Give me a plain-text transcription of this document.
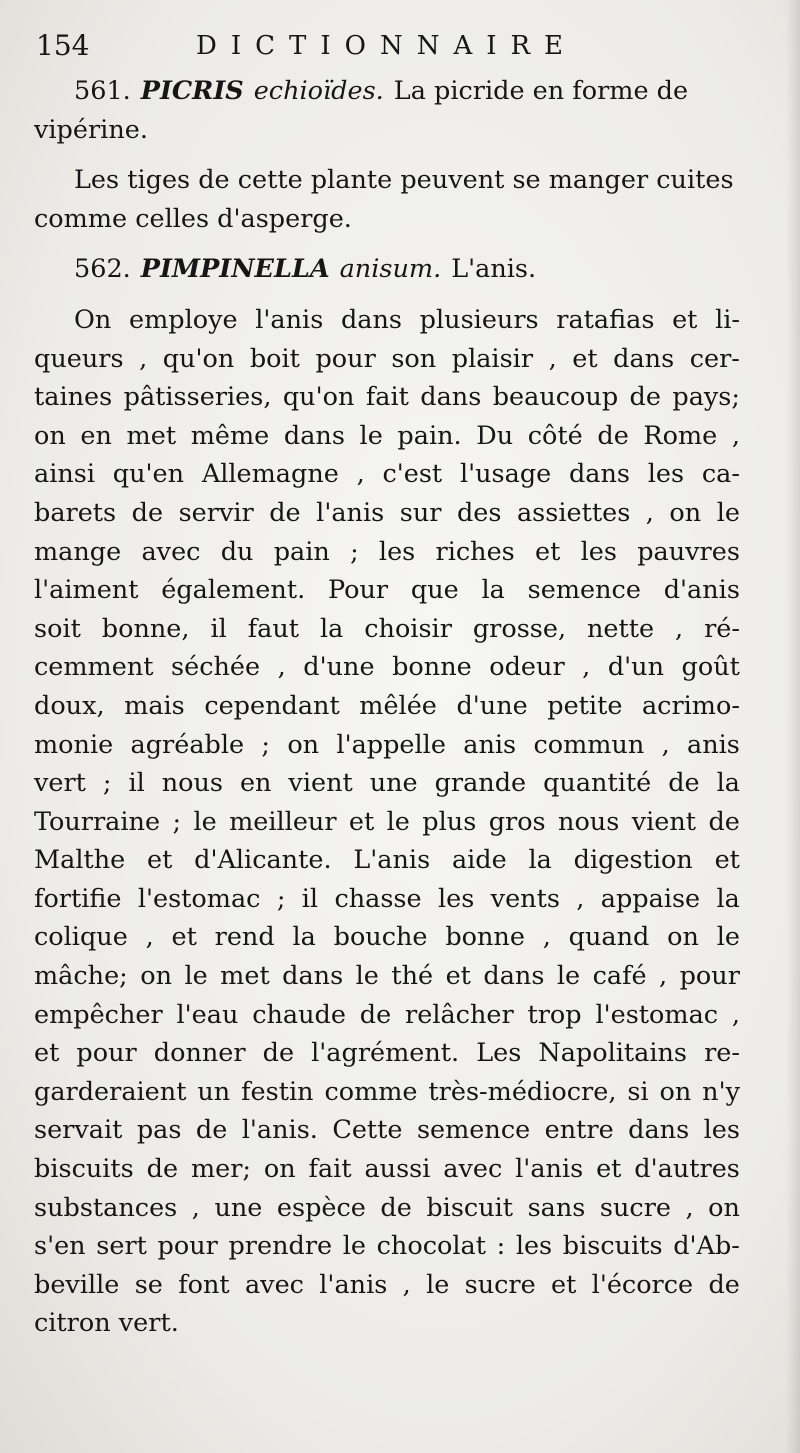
154	DICTIONNAIRE
561. PICRIS echioïdes. La picride en forme de
vipérine.
Les tiges de cette plante peuvent se manger cuites
comme celles d'asperge.
562. PIMPINELLA anisum. L'anis.
On employe l'anis dans plusieurs ratafias et li-
queurs , qu'on boit pour son plaisir , et dans cer-
taines pâtisseries, qu'on fait dans beaucoup de pays;
on en met même dans le pain. Du côté de Rome ,
ainsi qu'en Allemagne , c'est l'usage dans les ca-
barets de servir de l'anis sur des assiettes , on le
mange avec du pain ; les riches et les pauvres
l'aiment également. Pour que la semence d'anis
soit bonne, il faut la choisir grosse, nette , ré-
cemment séchée , d'une bonne odeur , d'un goût
doux, mais cependant mêlée d'une petite acrimo-
monie agréable ; on l'appelle anis commun , anis
vert ; il nous en vient une grande quantité de la
Tourraine ; le meilleur et le plus gros nous vient de
Malthe et d'Alicante. L'anis aide la digestion et
fortifie l'estomac ; il chasse les vents , appaise la
colique , et rend la bouche bonne , quand on le
mâche; on le met dans le thé et dans le café , pour
empêcher l'eau chaude de relâcher trop l'estomac ,
et pour donner de l'agrément. Les Napolitains re-
garderaient un festin comme très-médiocre, si on n'y
servait pas de l'anis. Cette semence entre dans les
biscuits de mer; on fait aussi avec l'anis et d'autres
substances , une espèce de biscuit sans sucre , on
s'en sert pour prendre le chocolat : les biscuits d'Ab-
beville se font avec l'anis , le sucre et l'écorce de
citron vert.
